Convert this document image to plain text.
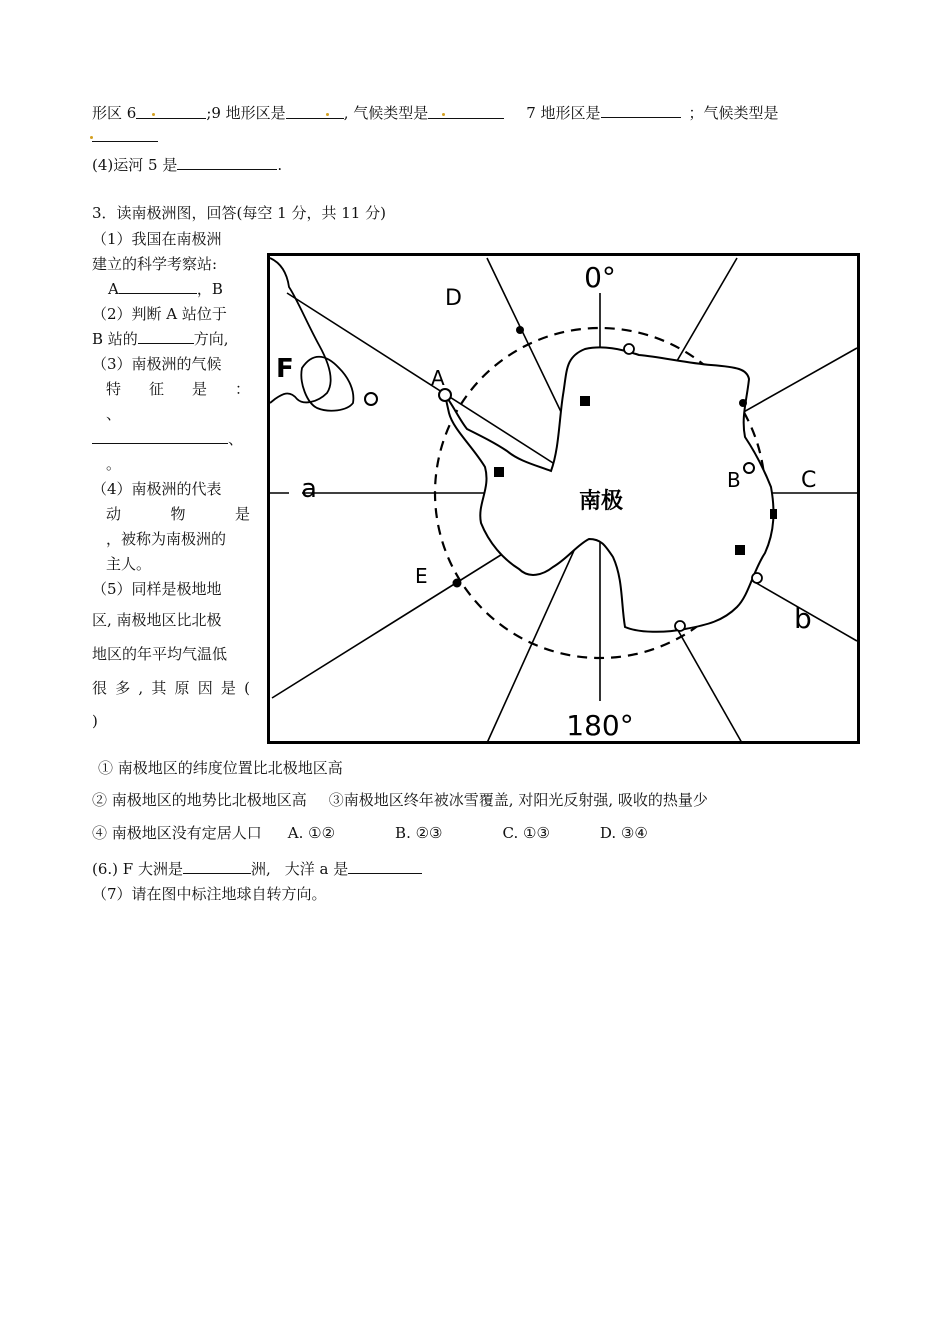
形区 6	;9 地形区是	, 气候类型是	7 地形区是	；气候类型是
(4)运河 5 是	.
3．读南极洲图，回答(每空 1 分，共 11 分)
（1）我国在南极洲
建立的科学考察站:
A	，B
（2）判断 A 站位于
B 站的	方向,
（3）南极洲的气候
特 征 是 ：
、
、
。
（4）南极洲的代表
动	物	是
，被称为南极洲的
主人。
（5）同样是极地地
区, 南极地区比北极
地区的年平均气温低
很 多 , 其 原 因 是 (
)
南极
0°
180°
D
F	A
B	C
a
E
b
① 南极地区的纬度位置比北极地区高
② 南极地区的地势比北极地区高 ③南极地区终年被冰雪覆盖, 对阳光反射强, 吸收的热量少
④ 南极地区没有定居人口 A. ①②	B. ②③	C. ①③	D. ③④
(6.) F 大洲是	洲, 大洋 a 是
（7）请在图中标注地球自转方向。
